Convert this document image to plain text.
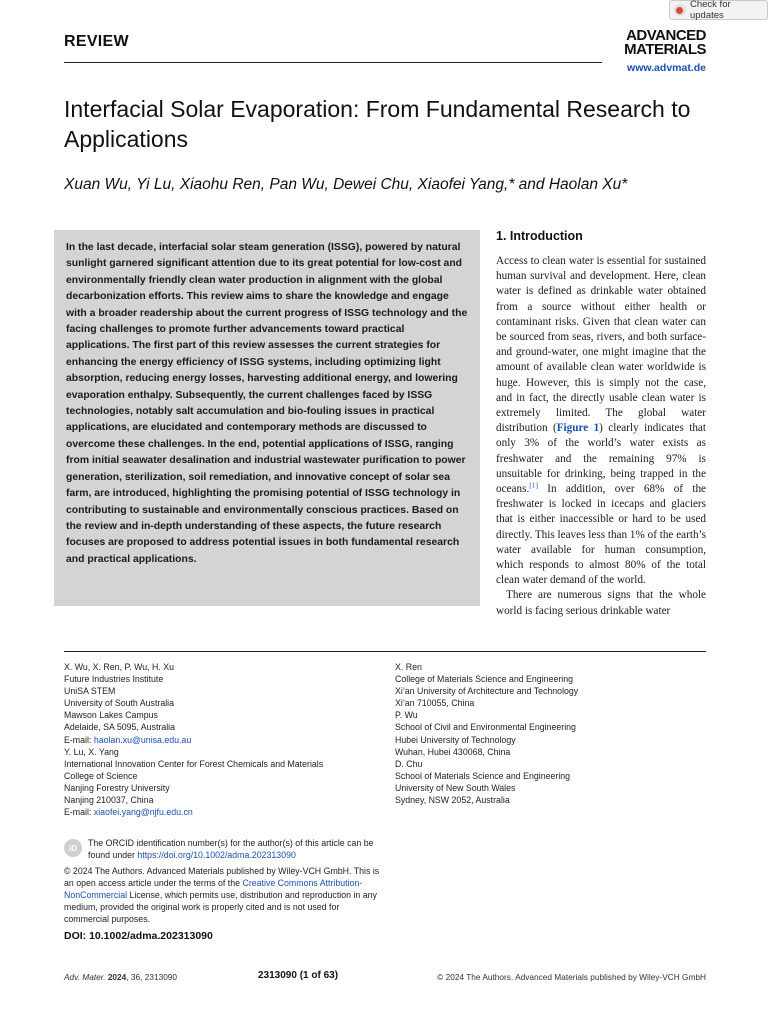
Check for updates
REVIEW	ADVANCED
MATERIALS
www.advmat.de
Interfacial Solar Evaporation: From Fundamental Research to Applications
Xuan Wu, Yi Lu, Xiaohu Ren, Pan Wu, Dewei Chu, Xiaofei Yang,* and Haolan Xu*

In the last decade, interfacial solar steam generation (ISSG), powered by natural sunlight garnered significant attention due to its great potential for low-cost and environmentally friendly clean water production in alignment with the global decarbonization efforts. This review aims to share the knowledge and engage with a broader readership about the current progress of ISSG technology and the facing challenges to promote further advancements toward practical applications. The first part of this review assesses the current strategies for enhancing the energy efficiency of ISSG systems, including optimizing light absorption, reducing energy losses, harvesting additional energy, and lowering evaporation enthalpy. Subsequently, the current challenges faced by ISSG technologies, notably salt accumulation and bio-fouling issues in practical applications, are elucidated and contemporary methods are discussed to overcome these challenges. In the end, potential applications of ISSG, ranging from initial seawater desalination and industrial wastewater purification to power generation, sterilization, soil remediation, and innovative concept of solar sea farm, are introduced, highlighting the promising potential of ISSG technology in contributing to sustainable and environmentally conscious practices. Based on the review and in-depth understanding of these aspects, the future research focuses are proposed to address potential issues in both fundamental research and practical applications.

1. Introduction

Access to clean water is essential for sustained human survival and development. Here, clean water is defined as drinkable water obtained from a source without either health or contaminant risks. Given that clean water can be sourced from seas, rivers, and both surface- and ground-water, one might imagine that the amount of available clean water worldwide is huge. However, this is simply not the case, and in fact, the directly usable clean water is extremely limited. The global water distribution (Figure 1) clearly indicates that only 3% of the world’s water exists as freshwater and the remaining 97% is unsuitable for drinking, being trapped in the oceans.[1] In addition, over 68% of the freshwater is locked in icecaps and glaciers that is either inaccessible or hard to be used directly. This leaves less than 1% of the earth’s water available for human consumption, which responds to almost 80% of the total clean water demand of the world.

There are numerous signs that the whole world is facing serious drinkable water

X. Wu, X. Ren, P. Wu, H. Xu
Future Industries Institute
UniSA STEM
University of South Australia
Mawson Lakes Campus
Adelaide, SA 5095, Australia
E-mail: haolan.xu@unisa.edu.au
Y. Lu, X. Yang
International Innovation Center for Forest Chemicals and Materials
College of Science
Nanjing Forestry University
Nanjing 210037, China
E-mail: xiaofei.yang@njfu.edu.cn
X. Ren
College of Materials Science and Engineering
Xi’an University of Architecture and Technology
Xi’an 710055, China
P. Wu
School of Civil and Environmental Engineering
Hubei University of Technology
Wuhan, Hubei 430068, China
D. Chu
School of Materials Science and Engineering
University of New South Wales
Sydney, NSW 2052, Australia
iD	The ORCID identification number(s) for the author(s) of this article can be found under https://doi.org/10.1002/adma.202313090
© 2024 The Authors. Advanced Materials published by Wiley-VCH GmbH. This is an open access article under the terms of the Creative Commons Attribution-NonCommercial License, which permits use, distribution and reproduction in any medium, provided the original work is properly cited and is not used for commercial purposes.
DOI: 10.1002/adma.202313090
Adv. Mater. 2024, 36, 2313090	2313090 (1 of 63)	© 2024 The Authors. Advanced Materials published by Wiley-VCH GmbH
